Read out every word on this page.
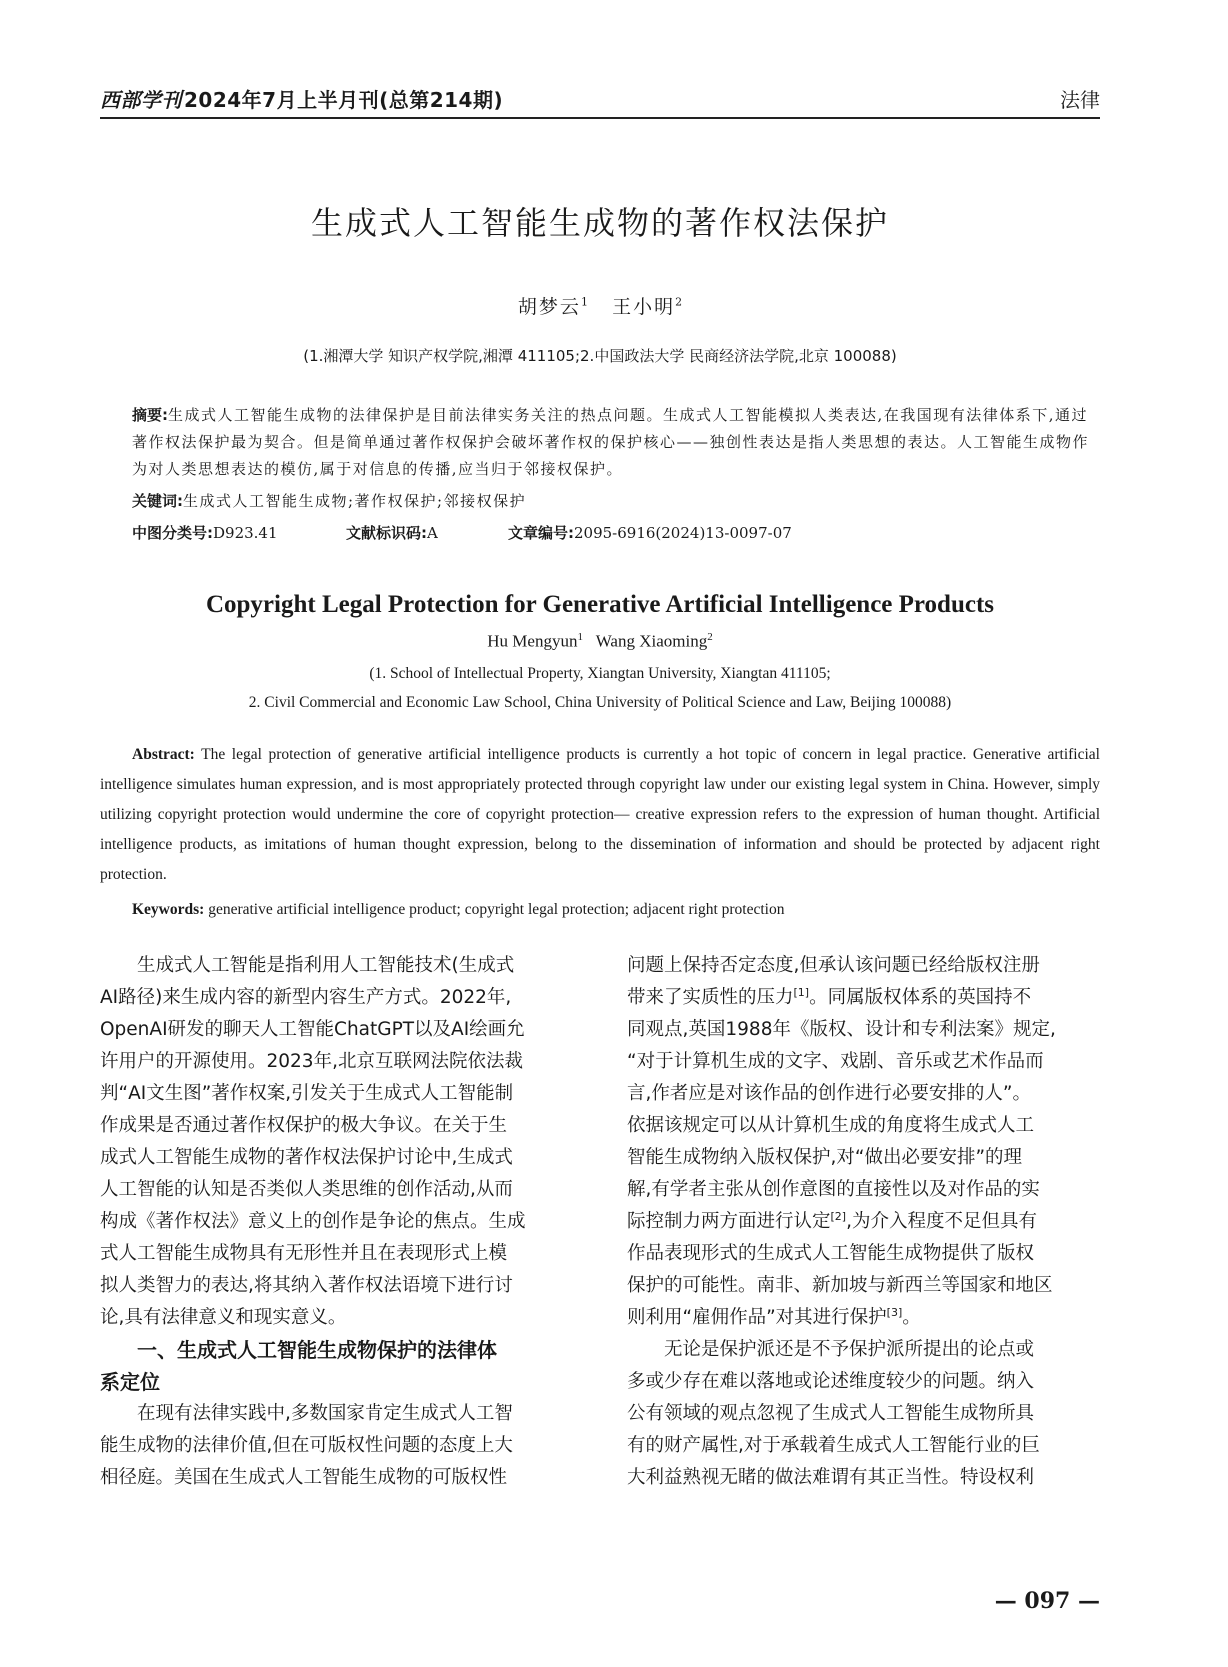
西部学刊 2024年7月上半月刊(总第214期)	法律
生成式人工智能生成物的著作权法保护
胡梦云$^1$ 王小明$^2$
(1.湘潭大学 知识产权学院,湘潭 411105;2.中国政法大学 民商经济法学院,北京 100088)
摘要:生成式人工智能生成物的法律保护是目前法律实务关注的热点问题。生成式人工智能模拟人类表达,在我国现有法律体系下,通过著作权法保护最为契合。但是简单通过著作权保护会破坏著作权的保护核心——独创性表达是指人类思想的表达。人工智能生成物作为对人类思想表达的模仿,属于对信息的传播,应当归于邻接权保护。
关键词:生成式人工智能生成物;著作权保护;邻接权保护
中图分类号:D923.41	文献标识码:A	文章编号:2095-6916(2024)13-0097-07
Copyright Legal Protection for Generative Artificial Intelligence Products
Hu Mengyun$^1$ Wang Xiaoming$^2$
(1. School of Intellectual Property, Xiangtan University, Xiangtan 411105;
2. Civil Commercial and Economic Law School, China University of Political Science and Law, Beijing 100088)
Abstract: The legal protection of generative artificial intelligence products is currently a hot topic of concern in legal practice. Generative artificial intelligence simulates human expression, and is most appropriately protected through copyright law under our existing legal system in China. However, simply utilizing copyright protection would undermine the core of copyright protection— creative expression refers to the expression of human thought. Artificial intelligence products, as imitations of human thought expression, belong to the dissemination of information and should be protected by adjacent right protection.
Keywords: generative artificial intelligence product; copyright legal protection; adjacent right protection
生成式人工智能是指利用人工智能技术(生成式
AI路径)来生成内容的新型内容生产方式。2022年,
OpenAI研发的聊天人工智能ChatGPT以及AI绘画允
许用户的开源使用。2023年,北京互联网法院依法裁
判“AI文生图”著作权案,引发关于生成式人工智能制
作成果是否通过著作权保护的极大争议。在关于生
成式人工智能生成物的著作权法保护讨论中,生成式
人工智能的认知是否类似人类思维的创作活动,从而
构成《著作权法》意义上的创作是争论的焦点。生成
式人工智能生成物具有无形性并且在表现形式上模
拟人类智力的表达,将其纳入著作权法语境下进行讨
论,具有法律意义和现实意义。
一、生成式人工智能生成物保护的法律体
系定位
在现有法律实践中,多数国家肯定生成式人工智
能生成物的法律价值,但在可版权性问题的态度上大
相径庭。美国在生成式人工智能生成物的可版权性
问题上保持否定态度,但承认该问题已经给版权注册
带来了实质性的压力[1]。同属版权体系的英国持不
同观点,英国1988年《版权、设计和专利法案》规定,
“对于计算机生成的文字、戏剧、音乐或艺术作品而
言,作者应是对该作品的创作进行必要安排的人”。
依据该规定可以从计算机生成的角度将生成式人工
智能生成物纳入版权保护,对“做出必要安排”的理
解,有学者主张从创作意图的直接性以及对作品的实
际控制力两方面进行认定[2],为介入程度不足但具有
作品表现形式的生成式人工智能生成物提供了版权
保护的可能性。南非、新加坡与新西兰等国家和地区
则利用“雇佣作品”对其进行保护[3]。
无论是保护派还是不予保护派所提出的论点或
多或少存在难以落地或论述维度较少的问题。纳入
公有领域的观点忽视了生成式人工智能生成物所具
有的财产属性,对于承载着生成式人工智能行业的巨
大利益熟视无睹的做法难谓有其正当性。特设权利
— 097 —
